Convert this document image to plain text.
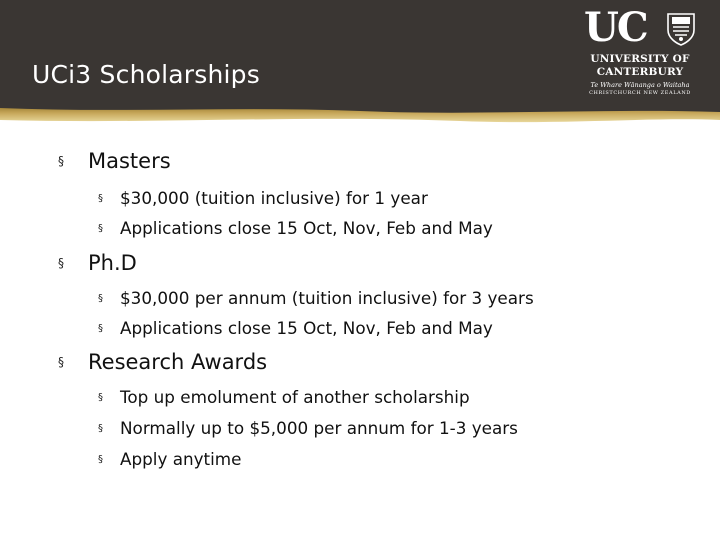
UCi3 Scholarships
UC
UNIVERSITY OF
CANTERBURY
Te Whare Wānanga o Waitaha
CHRISTCHURCH NEW ZEALAND
§ Masters
§ $30,000 (tuition inclusive) for 1 year
§ Applications close 15 Oct, Nov, Feb and May
§ Ph.D
§ $30,000 per annum (tuition inclusive) for 3 years
§ Applications close 15 Oct, Nov, Feb and May
§ Research Awards
§ Top up emolument of another scholarship
§ Normally up to $5,000 per annum for 1-3 years
§ Apply anytime
